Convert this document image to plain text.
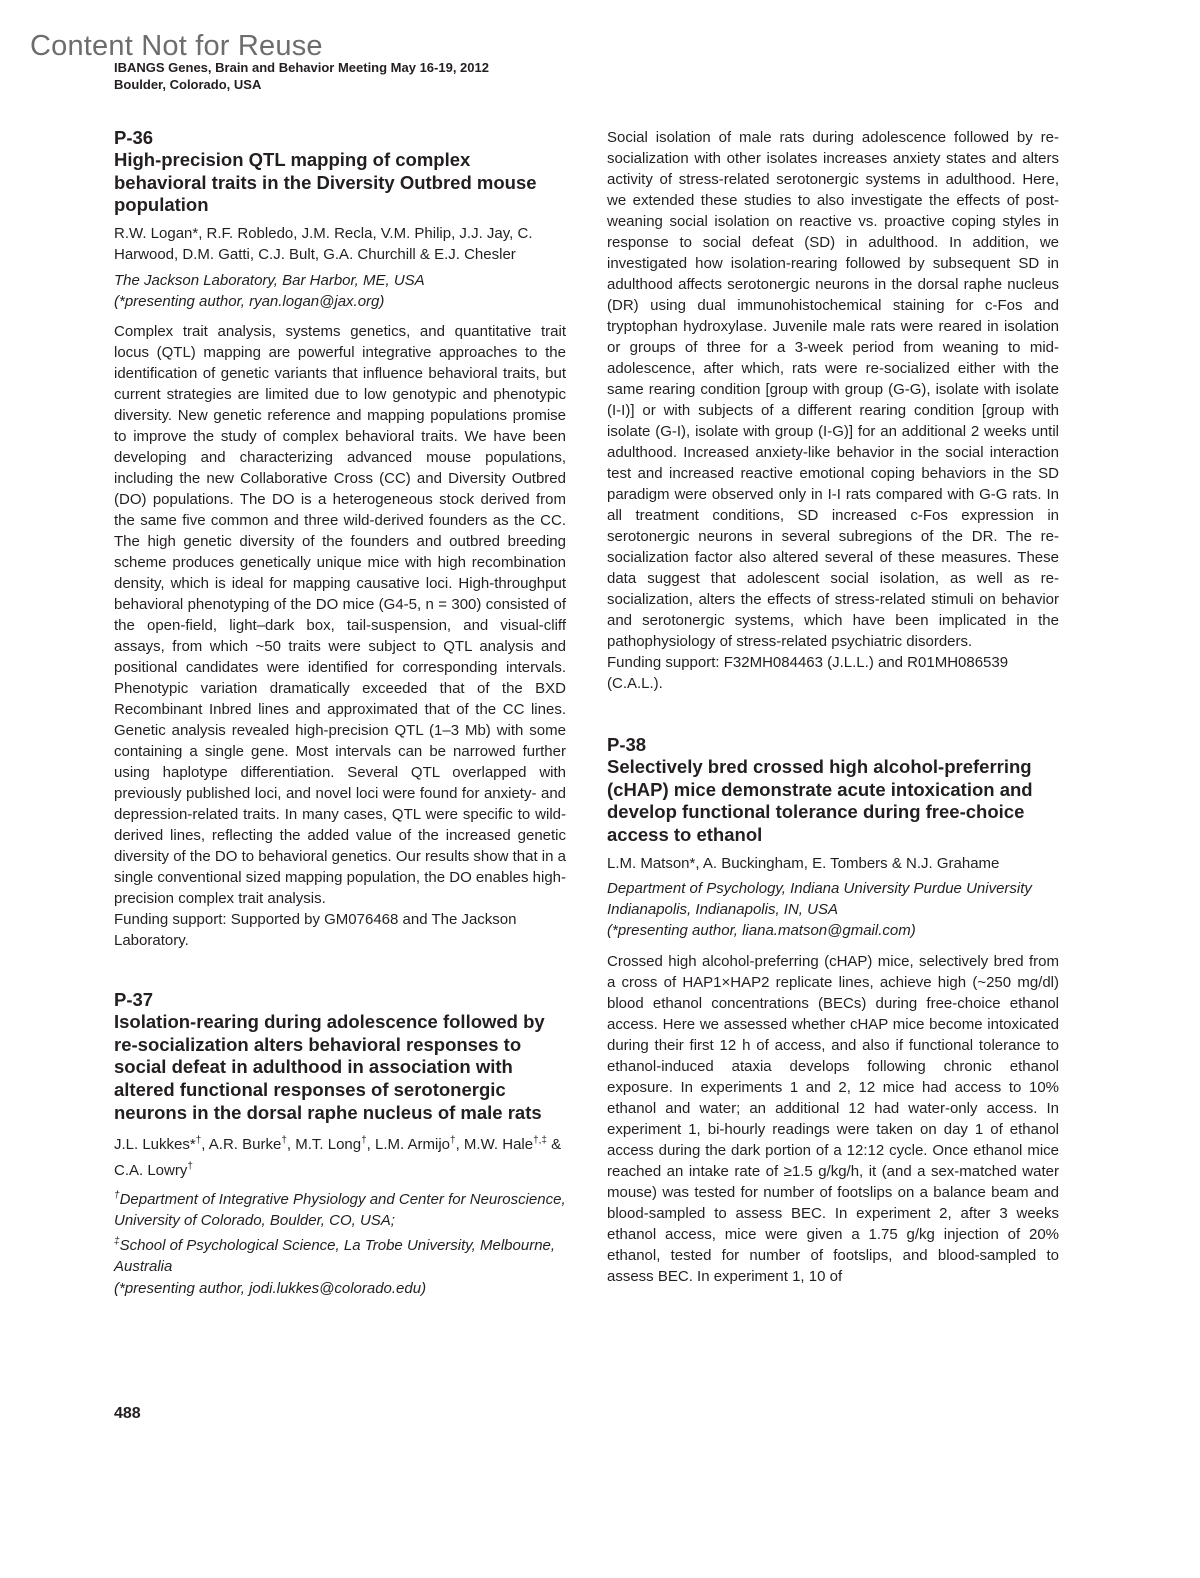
Content Not for Reuse
IBANGS Genes, Brain and Behavior Meeting May 16-19, 2012
Boulder, Colorado, USA
P-36
High-precision QTL mapping of complex behavioral traits in the Diversity Outbred mouse population
R.W. Logan*, R.F. Robledo, J.M. Recla, V.M. Philip, J.J. Jay, C. Harwood, D.M. Gatti, C.J. Bult, G.A. Churchill & E.J. Chesler
The Jackson Laboratory, Bar Harbor, ME, USA
(*presenting author, ryan.logan@jax.org)
Complex trait analysis, systems genetics, and quantitative trait locus (QTL) mapping are powerful integrative approaches to the identification of genetic variants that influence behavioral traits, but current strategies are limited due to low genotypic and phenotypic diversity. New genetic reference and mapping populations promise to improve the study of complex behavioral traits. We have been developing and characterizing advanced mouse populations, including the new Collaborative Cross (CC) and Diversity Outbred (DO) populations. The DO is a heterogeneous stock derived from the same five common and three wild-derived founders as the CC. The high genetic diversity of the founders and outbred breeding scheme produces genetically unique mice with high recombination density, which is ideal for mapping causative loci. High-throughput behavioral phenotyping of the DO mice (G4-5, n = 300) consisted of the open-field, light–dark box, tail-suspension, and visual-cliff assays, from which ~50 traits were subject to QTL analysis and positional candidates were identified for corresponding intervals. Phenotypic variation dramatically exceeded that of the BXD Recombinant Inbred lines and approximated that of the CC lines. Genetic analysis revealed high-precision QTL (1–3 Mb) with some containing a single gene. Most intervals can be narrowed further using haplotype differentiation. Several QTL overlapped with previously published loci, and novel loci were found for anxiety- and depression-related traits. In many cases, QTL were specific to wild-derived lines, reflecting the added value of the increased genetic diversity of the DO to behavioral genetics. Our results show that in a single conventional sized mapping population, the DO enables high-precision complex trait analysis.
Funding support: Supported by GM076468 and The Jackson Laboratory.
P-37
Isolation-rearing during adolescence followed by re-socialization alters behavioral responses to social defeat in adulthood in association with altered functional responses of serotonergic neurons in the dorsal raphe nucleus of male rats
J.L. Lukkes*†, A.R. Burke†, M.T. Long†, L.M. Armijo†, M.W. Hale†,‡ & C.A. Lowry†
†Department of Integrative Physiology and Center for Neuroscience, University of Colorado, Boulder, CO, USA;
‡School of Psychological Science, La Trobe University, Melbourne, Australia
(*presenting author, jodi.lukkes@colorado.edu)
Social isolation of male rats during adolescence followed by re-socialization with other isolates increases anxiety states and alters activity of stress-related serotonergic systems in adulthood. Here, we extended these studies to also investigate the effects of post-weaning social isolation on reactive vs. proactive coping styles in response to social defeat (SD) in adulthood. In addition, we investigated how isolation-rearing followed by subsequent SD in adulthood affects serotonergic neurons in the dorsal raphe nucleus (DR) using dual immunohistochemical staining for c-Fos and tryptophan hydroxylase. Juvenile male rats were reared in isolation or groups of three for a 3-week period from weaning to mid-adolescence, after which, rats were re-socialized either with the same rearing condition [group with group (G-G), isolate with isolate (I-I)] or with subjects of a different rearing condition [group with isolate (G-I), isolate with group (I-G)] for an additional 2 weeks until adulthood. Increased anxiety-like behavior in the social interaction test and increased reactive emotional coping behaviors in the SD paradigm were observed only in I-I rats compared with G-G rats. In all treatment conditions, SD increased c-Fos expression in serotonergic neurons in several subregions of the DR. The re-socialization factor also altered several of these measures. These data suggest that adolescent social isolation, as well as re-socialization, alters the effects of stress-related stimuli on behavior and serotonergic systems, which have been implicated in the pathophysiology of stress-related psychiatric disorders.
Funding support: F32MH084463 (J.L.L.) and R01MH086539 (C.A.L.).
P-38
Selectively bred crossed high alcohol-preferring (cHAP) mice demonstrate acute intoxication and develop functional tolerance during free-choice access to ethanol
L.M. Matson*, A. Buckingham, E. Tombers & N.J. Grahame
Department of Psychology, Indiana University Purdue University Indianapolis, Indianapolis, IN, USA
(*presenting author, liana.matson@gmail.com)
Crossed high alcohol-preferring (cHAP) mice, selectively bred from a cross of HAP1×HAP2 replicate lines, achieve high (~250 mg/dl) blood ethanol concentrations (BECs) during free-choice ethanol access. Here we assessed whether cHAP mice become intoxicated during their first 12 h of access, and also if functional tolerance to ethanol-induced ataxia develops following chronic ethanol exposure. In experiments 1 and 2, 12 mice had access to 10% ethanol and water; an additional 12 had water-only access. In experiment 1, bi-hourly readings were taken on day 1 of ethanol access during the dark portion of a 12:12 cycle. Once ethanol mice reached an intake rate of ≥1.5 g/kg/h, it (and a sex-matched water mouse) was tested for number of footslips on a balance beam and blood-sampled to assess BEC. In experiment 2, after 3 weeks ethanol access, mice were given a 1.75 g/kg injection of 20% ethanol, tested for number of footslips, and blood-sampled to assess BEC. In experiment 1, 10 of
488
